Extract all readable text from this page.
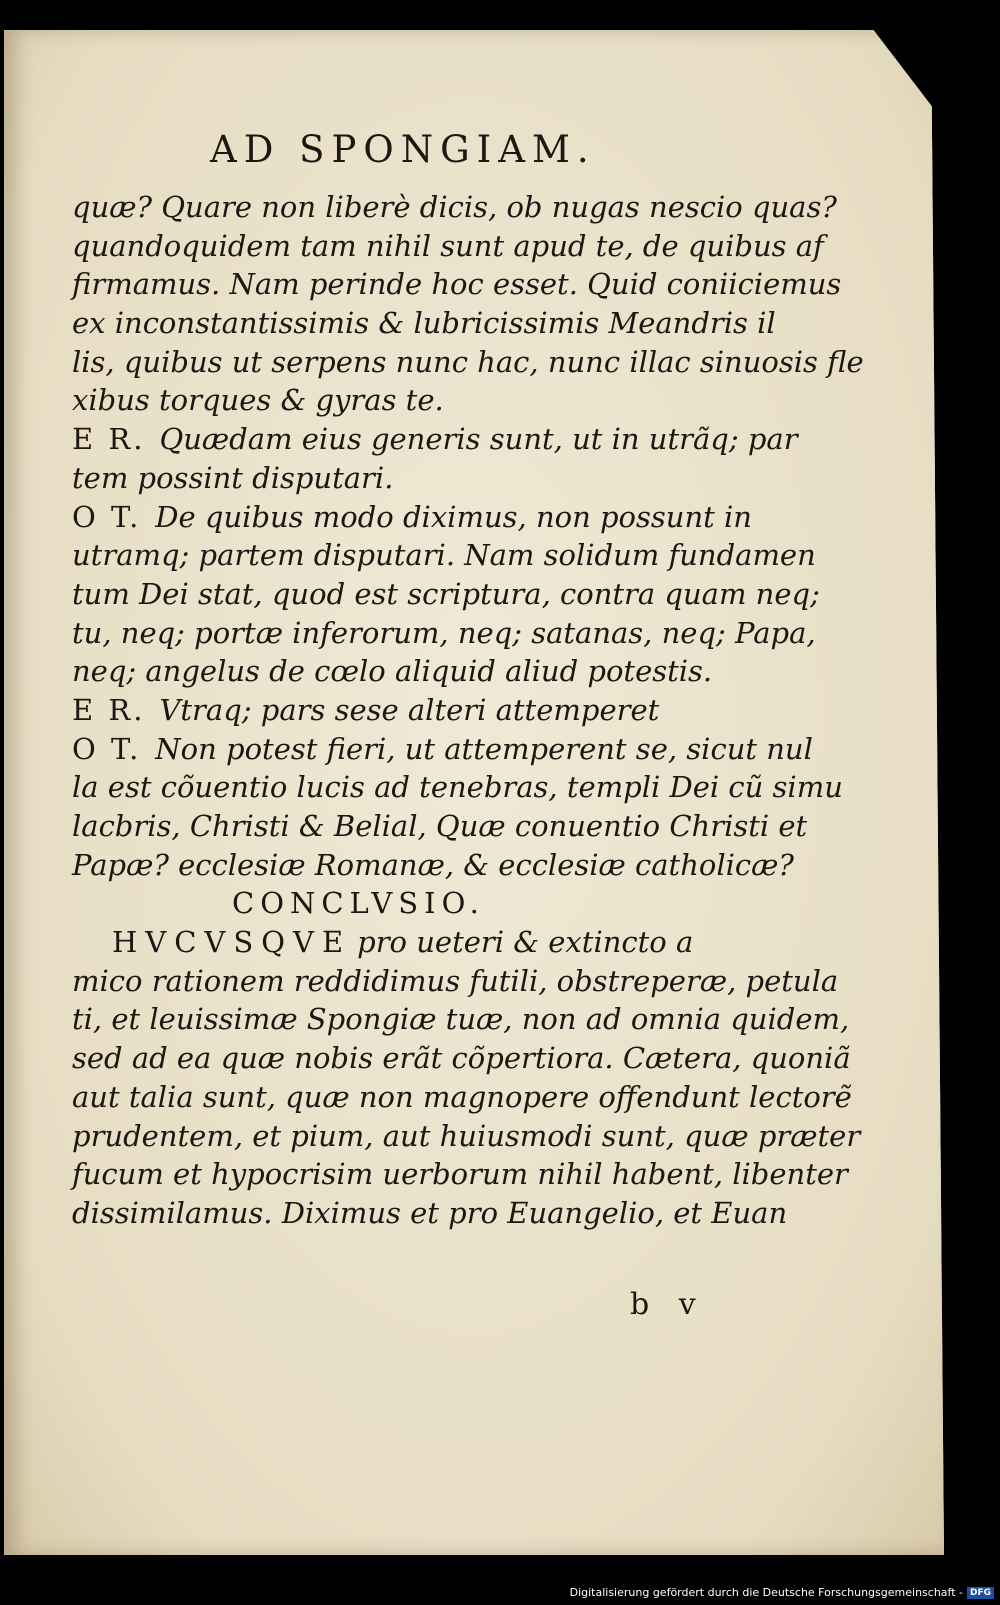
AD SPONGIAM.
quæ? Quare non liberè dicis, ob nugas nescio quas?
quandoquidem tam nihil sunt apud te, de quibus af
firmamus. Nam perinde hoc esset. Quid coniiciemus
ex inconstantissimis & lubricissimis Meandris il
lis, quibus ut serpens nunc hac, nunc illac sinuosis fle
xibus torques & gyras te.
E R. Quædam eius generis sunt, ut in utrãq; par
tem possint disputari.
O T. De quibus modo diximus, non possunt in
utramq; partem disputari. Nam solidum fundamen
tum Dei stat, quod est scriptura, contra quam neq;
tu, neq; portæ inferorum, neq; satanas, neq; Papa,
neq; angelus de cœlo aliquid aliud potestis.
E R. Vtraq; pars sese alteri attemperet
O T. Non potest fieri, ut attemperent se, sicut nul
la est cõuentio lucis ad tenebras, templi Dei cũ simu
lacbris, Christi & Belial, Quæ conuentio Christi et
Papæ? ecclesiæ Romanæ, & ecclesiæ catholicæ?
CONCLVSIO.
HVCVSQVE pro ueteri & extincto a
mico rationem reddidimus futili, obstreperæ, petula
ti, et leuissimæ Spongiæ tuæ, non ad omnia quidem,
sed ad ea quæ nobis erãt cõpertiora. Cætera, quoniã
aut talia sunt, quæ non magnopere offendunt lectorẽ
prudentem, et pium, aut huiusmodi sunt, quæ præter
fucum et hypocrisim uerborum nihil habent, libenter
dissimilamus. Diximus et pro Euangelio, et Euan
b v
Digitalisierung gefördert durch die Deutsche Forschungsgemeinschaft - DFG
